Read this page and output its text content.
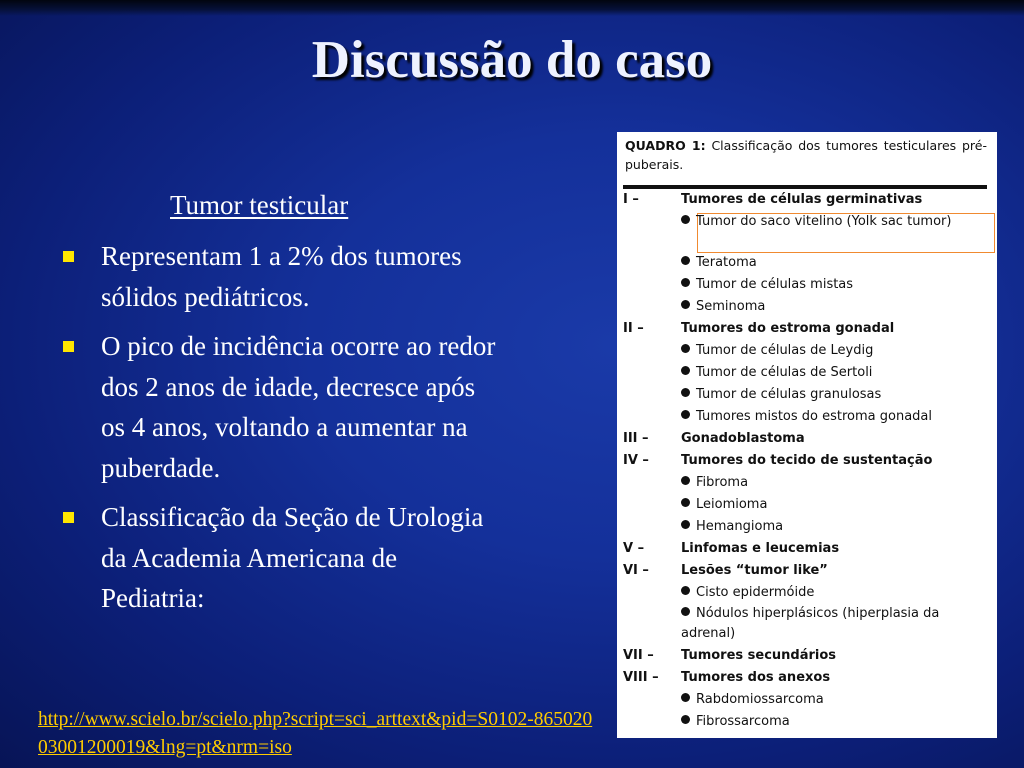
Discussão do caso
Tumor testicular
Representam 1 a 2% dos tumores sólidos pediátricos.
O pico de incidência ocorre ao redor dos 2 anos de idade, decresce após os 4 anos, voltando a aumentar na puberdade.
Classificação da Seção de Urologia da Academia Americana de Pediatria:
http://www.scielo.br/scielo.php?script=sci_arttext&pid=S0102-86502003001200019&lng=pt&nrm=iso
QUADRO 1: Classificação dos tumores testiculares pré-puberais.
I –	Tumores de células germinativas
Tumor do saco vitelino (Yolk sac tumor)
Teratoma
Tumor de células mistas
Seminoma
II –	Tumores do estroma gonadal
Tumor de células de Leydig
Tumor de células de Sertoli
Tumor de células granulosas
Tumores mistos do estroma gonadal
III – Gonadoblastoma
IV – Tumores do tecido de sustentação
Fibroma
Leiomioma
Hemangioma
V –	Linfomas e leucemias
VI – Lesões “tumor like”
Cisto epidermóide
Nódulos hiperplásicos (hiperplasia da adrenal)
VII – Tumores secundários
VIII – Tumores dos anexos
Rabdomiossarcoma
Fibrossarcoma
